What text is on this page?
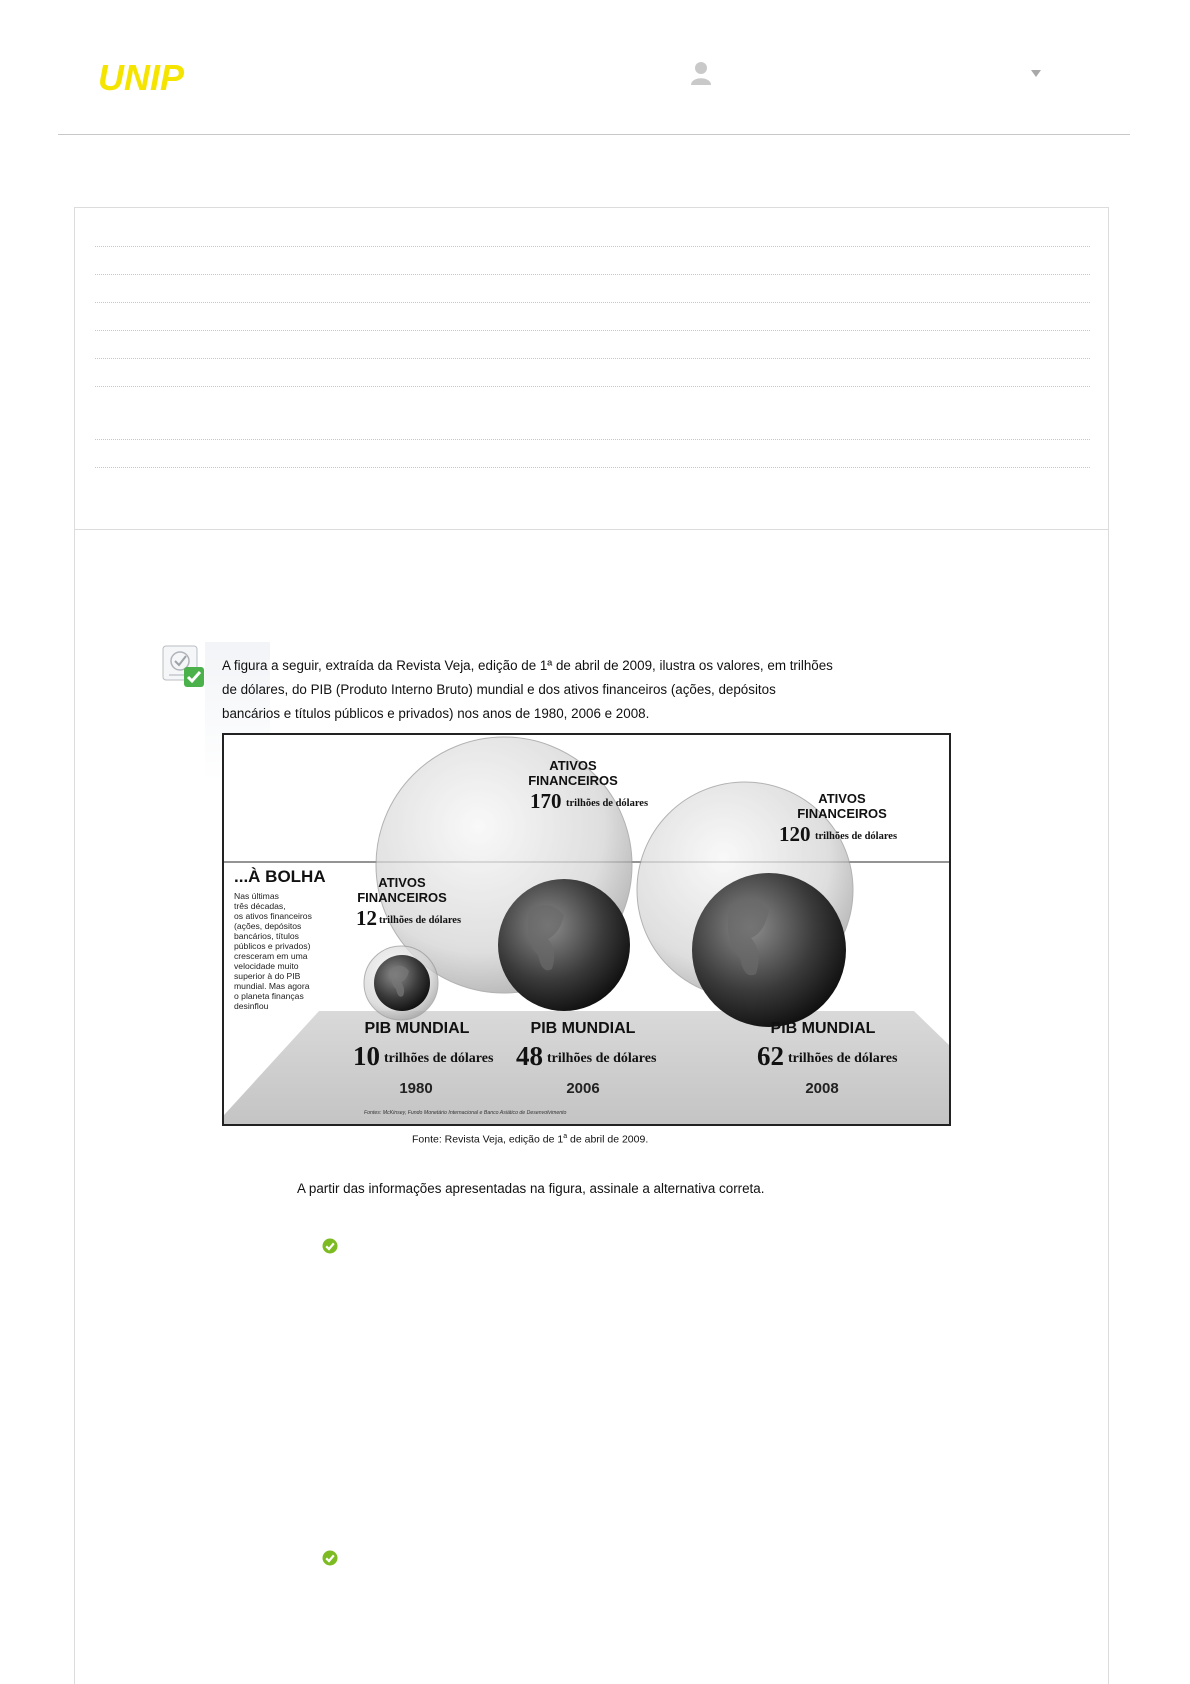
UNIP
A figura a seguir, extraída da Revista Veja, edição de 1ª de abril de 2009, ilustra os valores, em trilhões
de dólares, do PIB (Produto Interno Bruto) mundial e dos ativos financeiros (ações, depósitos
bancários e títulos públicos e privados) nos anos de 1980, 2006 e 2008.
...À BOLHA
Nas últimas
três décadas,
os ativos financeiros
(ações, depósitos
bancários, títulos
públicos e privados)
cresceram em uma
velocidade muito
superior à do PIB
mundial. Mas agora
o planeta finanças
desinflou
ATIVOS
FINANCEIROS
ATIVOS
FINANCEIROS
ATIVOS
FINANCEIROS
12 trilhões de dólares
170 trilhões de dólares
120 trilhões de dólares
PIB MUNDIAL	PIB MUNDIAL	PIB MUNDIAL
10 trilhões de dólares 48 trilhões de dólares	62 trilhões de dólares
1980	2006	2008
Fontes: McKinsey, Fundo Monetário Internacional e Banco Asiático de Desenvolvimento
Fonte: Revista Veja, edição de 1$^a$ de abril de 2009.
A partir das informações apresentadas na figura, assinale a alternativa correta.
